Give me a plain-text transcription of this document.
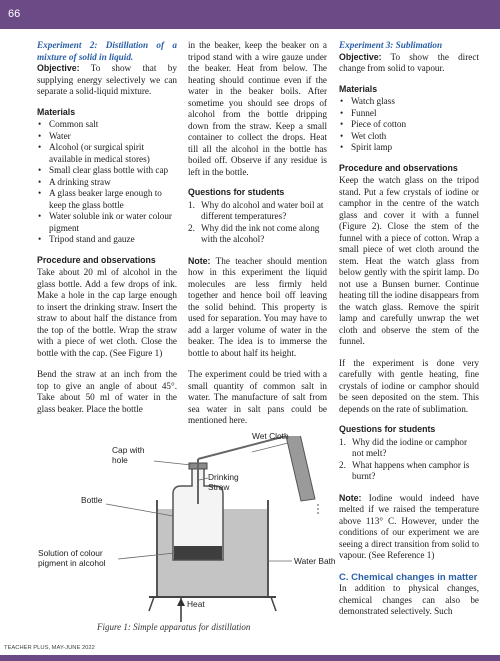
66

Experiment 2: Distillation of a mixture of solid in liquid.

Objective: To show that by supplying energy selectively we can separate a solid-liquid mixture.

Materials
• Common salt
• Water
• Alcohol (or surgical spirit available in medical stores)
• Small clear glass bottle with cap
• A drinking straw
• A glass beaker large enough to keep the glass bottle
• Water soluble ink or water colour pigment
• Tripod stand and gauze
Procedure and observations

Take about 20 ml of alcohol in the glass bottle. Add a few drops of ink. Make a hole in the cap large enough to insert the drinking straw. Insert the straw to about half the distance from the top of the bottle. Wrap the straw with a piece of wet cloth. Close the bottle with the cap. (See Figure 1)

Bend the straw at an inch from the top to give an angle of about 45°. Take about 50 ml of water in the glass beaker. Place the bottle

in the beaker, keep the beaker on a tripod stand with a wire gauze under the beaker. Heat from below. The heating should continue even if the water in the beaker boils. After sometime you should see drops of alcohol from the bottle dripping down from the straw. Keep a small container to collect the drops. Heat till all the alcohol in the bottle has boiled off. Observe if any residue is left in the bottle.

Questions for students
1. Why do alcohol and water boil at different temperatures?
2. Why did the ink not come along with the alcohol?

Note: The teacher should mention how in this experiment the liquid molecules are less firmly held together and hence boil off leaving the solid behind. This property is used for separation. You may have to add a larger volume of water in the beaker. The idea is to immerse the bottle to about half its height.

The experiment could be tried with a small quantity of common salt in water. The manufacture of salt from sea water in salt pans could be mentioned here.

Experiment 3: Sublimation

Objective: To show the direct change from solid to vapour.

Materials
• Watch glass
• Funnel
• Piece of cotton
• Wet cloth
• Spirit lamp
Procedure and observations

Keep the watch glass on the tripod stand. Put a few crystals of iodine or camphor in the centre of the watch glass and cover it with a funnel (Figure 2). Close the stem of the funnel with a piece of cotton. Wrap a small piece of wet cloth around the stem. Heat the watch glass from below gently with the spirit lamp. Do not use a Bunsen burner. Continue heating till the iodine disappears from the watch glass. Remove the spirit lamp and carefully unwrap the wet cloth and observe the stem of the funnel.

If the experiment is done very carefully with gentle heating, fine crystals of iodine or camphor should be seen deposited on the stem. This depends on the rate of sublimation.

Questions for students
1. Why did the iodine or camphor not melt?
2. What happens when camphor is burnt?

Note: Iodine would indeed have melted if we raised the temperature above 113° C. However, under the conditions of our experiment we are seeing a direct transition from solid to vapour. (See Reference 1)

C. Chemical changes in matter

In addition to physical changes, chemical changes can also be demonstrated selectively. Such

Cap with hole
Wet Cloth
Drinking Straw
Bottle
Solution of colour pigment in alcohol	Water Bath
Heat
Figure 1: Simple apparatus for distillation
TEACHER PLUS, MAY-JUNE 2022
